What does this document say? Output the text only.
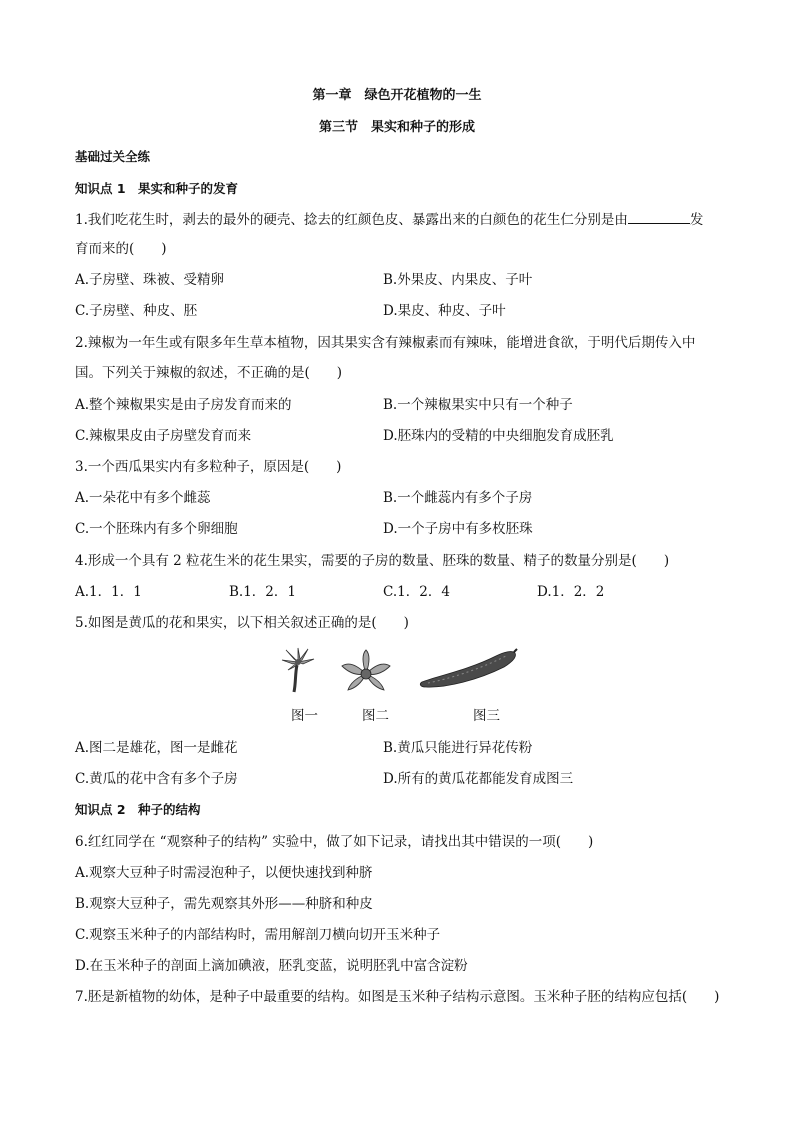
第一章　绿色开花植物的一生
第三节　果实和种子的形成
基础过关全练
知识点 1　果实和种子的发育
1.我们吃花生时，剥去的最外的硬壳、捻去的红颜色皮、暴露出来的白颜色的花生仁分别是由	发
育而来的(　　)
A.子房壁、珠被、受精卵	B.外果皮、内果皮、子叶
C.子房壁、种皮、胚	D.果皮、种皮、子叶
2.辣椒为一年生或有限多年生草本植物，因其果实含有辣椒素而有辣味，能增进食欲，于明代后期传入中
国。下列关于辣椒的叙述，不正确的是(　　)
A.整个辣椒果实是由子房发育而来的	B.一个辣椒果实中只有一个种子
C.辣椒果皮由子房壁发育而来	D.胚珠内的受精的中央细胞发育成胚乳
3.一个西瓜果实内有多粒种子，原因是(　　)
A.一朵花中有多个雌蕊	B.一个雌蕊内有多个子房
C.一个胚珠内有多个卵细胞	D.一个子房中有多枚胚珠
4.形成一个具有 2 粒花生米的花生果实，需要的子房的数量、胚珠的数量、精子的数量分别是(　　)
A.1．1．1	B.1．2．1	C.1．2．4	D.1．2．2
5.如图是黄瓜的花和果实，以下相关叙述正确的是(　　)
图一	图二	图三
A.图二是雄花，图一是雌花	B.黄瓜只能进行异花传粉
C.黄瓜的花中含有多个子房	D.所有的黄瓜花都能发育成图三
知识点 2　种子的结构
6.红红同学在 “观察种子的结构” 实验中，做了如下记录，请找出其中错误的一项(　　)
A.观察大豆种子时需浸泡种子，以便快速找到种脐
B.观察大豆种子，需先观察其外形——种脐和种皮
C.观察玉米种子的内部结构时，需用解剖刀横向切开玉米种子
D.在玉米种子的剖面上滴加碘液，胚乳变蓝，说明胚乳中富含淀粉
7.胚是新植物的幼体，是种子中最重要的结构。如图是玉米种子结构示意图。玉米种子胚的结构应包括(　　)
